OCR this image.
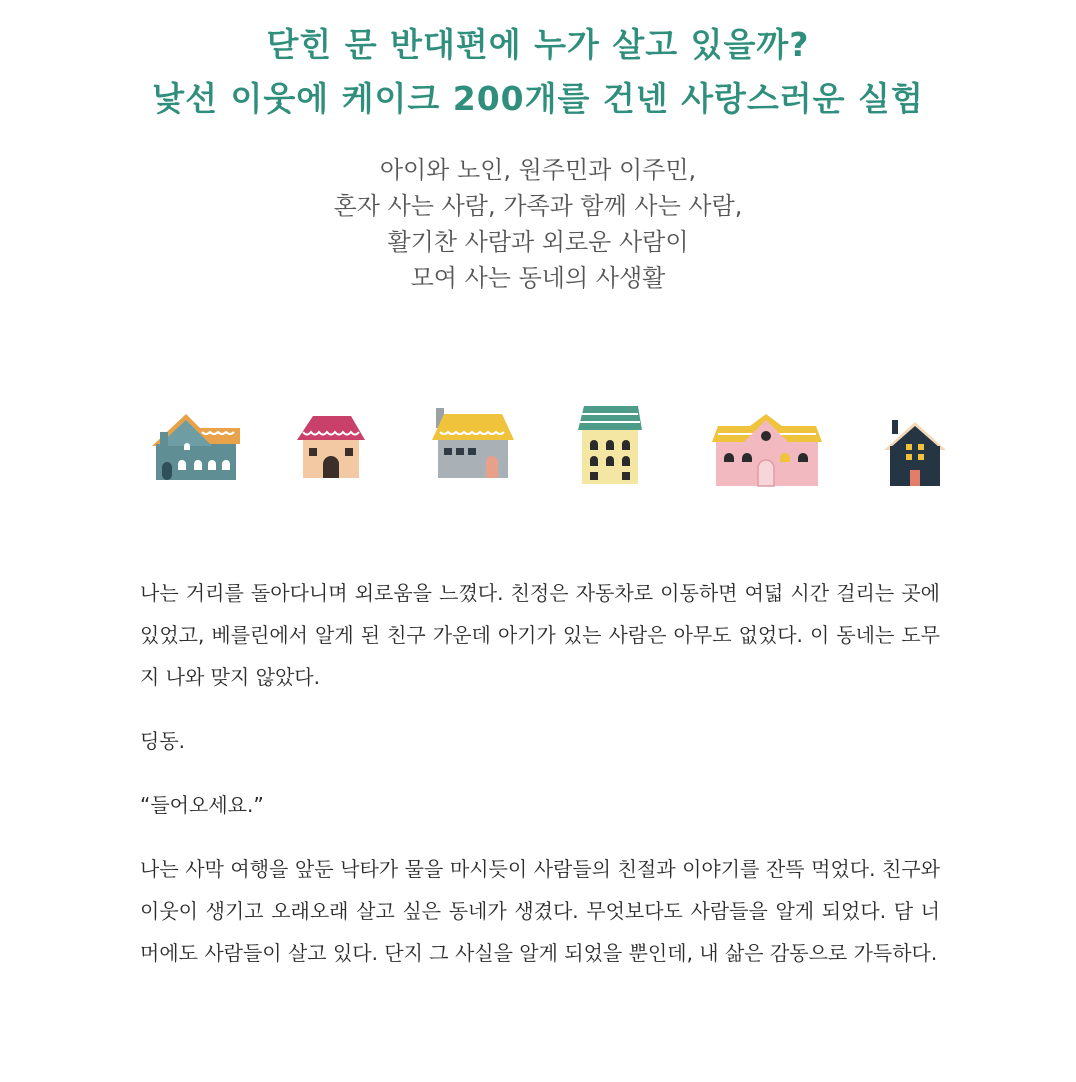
닫힌 문 반대편에 누가 살고 있을까?
낯선 이웃에 케이크 200개를 건넨 사랑스러운 실험
아이와 노인, 원주민과 이주민,
혼자 사는 사람, 가족과 함께 사는 사람,
활기찬 사람과 외로운 사람이
모여 사는 동네의 사생활

나는 거리를 돌아다니며 외로움을 느꼈다. 친정은 자동차로 이동하면 여덟 시간 걸리는 곳에 있었고, 베를린에서 알게 된 친구 가운데 아기가 있는 사람은 아무도 없었다. 이 동네는 도무지 나와 맞지 않았다.

딩동.

“들어오세요.”

나는 사막 여행을 앞둔 낙타가 물을 마시듯이 사람들의 친절과 이야기를 잔뜩 먹었다. 친구와 이웃이 생기고 오래오래 살고 싶은 동네가 생겼다. 무엇보다도 사람들을 알게 되었다. 담 너머에도 사람들이 살고 있다. 단지 그 사실을 알게 되었을 뿐인데, 내 삶은 감동으로 가득하다.
